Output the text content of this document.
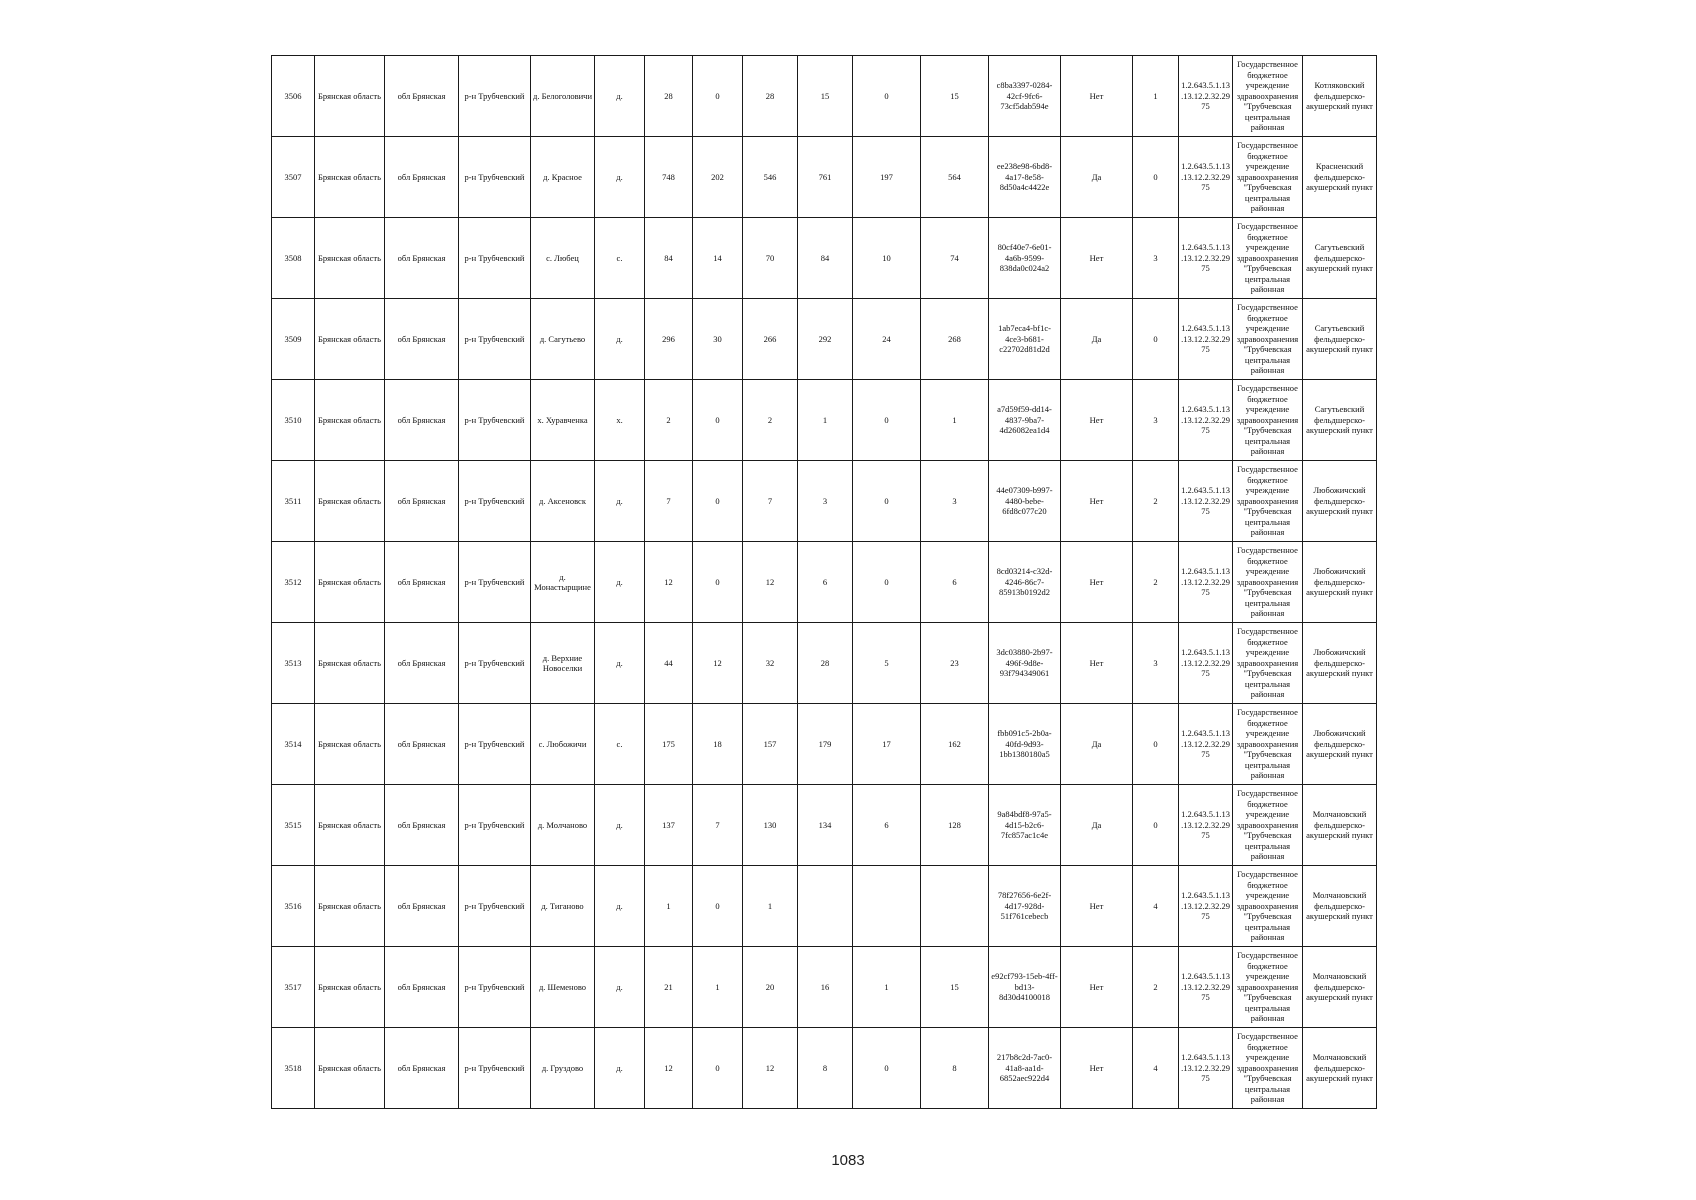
3506	Брянская область	обл Брянская	р-н Трубчевский	д. Белоголовичи	д.	28	0	28	15	0	15	c8ba3397-0284-42cf-9fc6-73cf5dab594e	Нет	1	1.2.643.5.1.13.13.12.2.32.2975	Государственное бюджетное учреждение здравоохранения "Трубчевская центральная районная	Котляковский фельдшерско-акушерский пункт
3507	Брянская область	обл Брянская	р-н Трубчевский	д. Красное	д.	748	202	546	761	197	564	ee238e98-6bd8-4a17-8e58-8d50a4c4422e	Да	0	1.2.643.5.1.13.13.12.2.32.2975	Государственное бюджетное учреждение здравоохранения "Трубчевская центральная районная	Красненский фельдшерско-акушерский пункт
3508	Брянская область	обл Брянская	р-н Трубчевский	с. Любец	с.	84	14	70	84	10	74	80cf40e7-6e01-4a6b-9599-838da0c024a2	Нет	3	1.2.643.5.1.13.13.12.2.32.2975	Государственное бюджетное учреждение здравоохранения "Трубчевская центральная районная	Сагутьевский фельдшерско-акушерский пункт
3509	Брянская область	обл Брянская	р-н Трубчевский	д. Сагутьево	д.	296	30	266	292	24	268	1ab7eca4-bf1c-4ce3-b681-c22702d81d2d	Да	0	1.2.643.5.1.13.13.12.2.32.2975	Государственное бюджетное учреждение здравоохранения "Трубчевская центральная районная	Сагутьевский фельдшерско-акушерский пункт
3510	Брянская область	обл Брянская	р-н Трубчевский	х. Хуравченка	х.	2	0	2	1	0	1	a7d59f59-dd14-4837-9ba7-4d26082ea1d4	Нет	3	1.2.643.5.1.13.13.12.2.32.2975	Государственное бюджетное учреждение здравоохранения "Трубчевская центральная районная	Сагутьевский фельдшерско-акушерский пункт
3511	Брянская область	обл Брянская	р-н Трубчевский	д. Аксеновск	д.	7	0	7	3	0	3	44e07309-b997-4480-bebe-6fd8c077c20	Нет	2	1.2.643.5.1.13.13.12.2.32.2975	Государственное бюджетное учреждение здравоохранения "Трубчевская центральная районная	Любожичский фельдшерско-акушерский пункт
3512	Брянская область	обл Брянская	р-н Трубчевский	д. Монастырщине	д.	12	0	12	6	0	6	8cd03214-c32d-4246-86c7-85913b0192d2	Нет	2	1.2.643.5.1.13.13.12.2.32.2975	Государственное бюджетное учреждение здравоохранения "Трубчевская центральная районная	Любожичский фельдшерско-акушерский пункт
3513	Брянская область	обл Брянская	р-н Трубчевский	д. Верхние Новоселки	д.	44	12	32	28	5	23	3dc03880-2b97-496f-9d8e-93f794349061	Нет	3	1.2.643.5.1.13.13.12.2.32.2975	Государственное бюджетное учреждение здравоохранения "Трубчевская центральная районная	Любожичский фельдшерско-акушерский пункт
3514	Брянская область	обл Брянская	р-н Трубчевский	с. Любожичи	с.	175	18	157	179	17	162	fbb091c5-2b0a-40fd-9d93-1bb1380180a5	Да	0	1.2.643.5.1.13.13.12.2.32.2975	Государственное бюджетное учреждение здравоохранения "Трубчевская центральная районная	Любожичский фельдшерско-акушерский пункт
3515	Брянская область	обл Брянская	р-н Трубчевский	д. Молчаново	д.	137	7	130	134	6	128	9a84bdf8-97a5-4d15-b2c6-7fc857ac1c4e	Да	0	1.2.643.5.1.13.13.12.2.32.2975	Государственное бюджетное учреждение здравоохранения "Трубчевская центральная районная	Молчановский фельдшерско-акушерский пункт
3516	Брянская область	обл Брянская	р-н Трубчевский	д. Тиганово	д.	1	0	1				78f27656-6e2f-4d17-928d-51f761cebecb	Нет	4	1.2.643.5.1.13.13.12.2.32.2975	Государственное бюджетное учреждение здравоохранения "Трубчевская центральная районная	Молчановский фельдшерско-акушерский пункт
3517	Брянская область	обл Брянская	р-н Трубчевский	д. Шеменово	д.	21	1	20	16	1	15	e92cf793-15eb-4ff-bd13-8d30d4100018	Нет	2	1.2.643.5.1.13.13.12.2.32.2975	Государственное бюджетное учреждение здравоохранения "Трубчевская центральная районная	Молчановский фельдшерско-акушерский пункт
3518	Брянская область	обл Брянская	р-н Трубчевский	д. Груздово	д.	12	0	12	8	0	8	217b8c2d-7ac0-41a8-aa1d-6852aec922d4	Нет	4	1.2.643.5.1.13.13.12.2.32.2975	Государственное бюджетное учреждение здравоохранения "Трубчевская центральная районная	Молчановский фельдшерско-акушерский пункт
1083
